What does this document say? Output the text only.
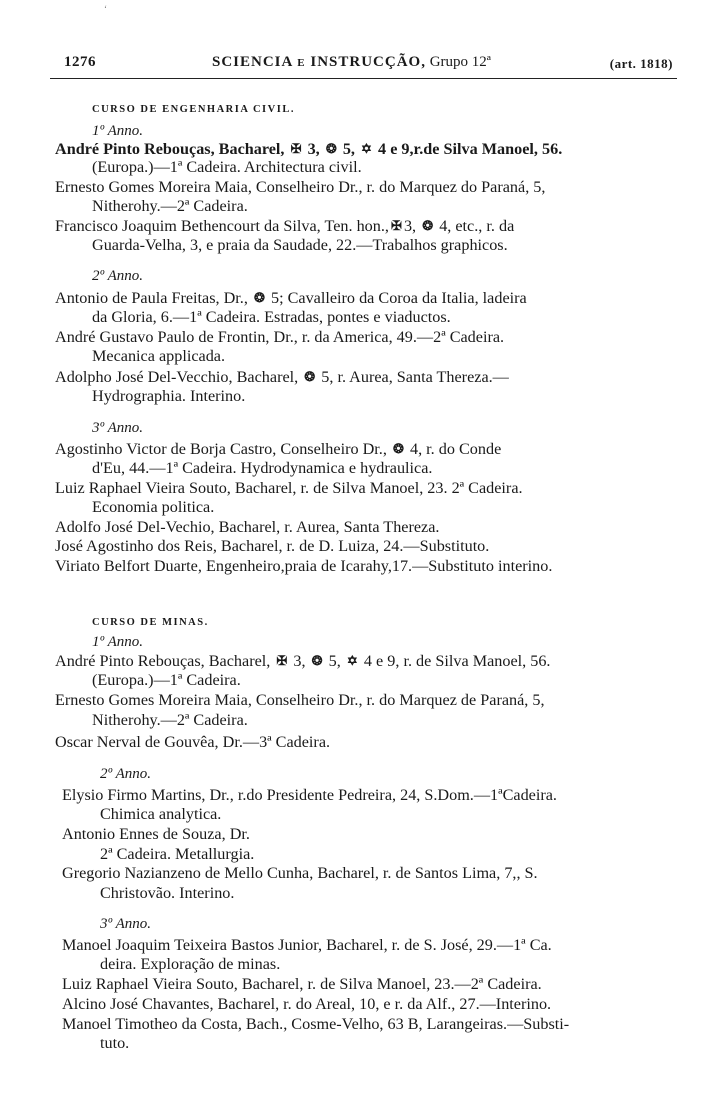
ʻ
1276	SCIENCIA e INSTRUCÇÃO, Grupo 12ª	(art. 1818)
CURSO DE ENGENHARIA CIVIL.
1º Anno.
André Pinto Rebouças, Bacharel, ✠ 3, ❂ 5, ✡ 4 e 9,r.de Silva Manoel, 56.
(Europa.)—1ª Cadeira. Architectura civil.
Ernesto Gomes Moreira Maia, Conselheiro Dr., r. do Marquez do Paraná, 5,
Nitherohy.—2ª Cadeira.
Francisco Joaquim Bethencourt da Silva, Ten. hon., ✠ 3, ❂ 4, etc., r. da
Guarda-Velha, 3, e praia da Saudade, 22.—Trabalhos graphicos.
2º Anno.
Antonio de Paula Freitas, Dr., ❂ 5; Cavalleiro da Coroa da Italia, ladeira
da Gloria, 6.—1ª Cadeira. Estradas, pontes e viaductos.
André Gustavo Paulo de Frontin, Dr., r. da America, 49.—2ª Cadeira.
Mecanica applicada.
Adolpho José Del-Vecchio, Bacharel, ❂ 5, r. Aurea, Santa Thereza.—
Hydrographia. Interino.
3º Anno.
Agostinho Victor de Borja Castro, Conselheiro Dr., ❂ 4, r. do Conde
d'Eu, 44.—1ª Cadeira. Hydrodynamica e hydraulica.
Luiz Raphael Vieira Souto, Bacharel, r. de Silva Manoel, 23. 2ª Cadeira.
Economia politica.
Adolfo José Del-Vechio, Bacharel, r. Aurea, Santa Thereza.
José Agostinho dos Reis, Bacharel, r. de D. Luiza, 24.—Substituto.
Viriato Belfort Duarte, Engenheiro,praia de Icarahy,17.—Substituto interino.
CURSO DE MINAS.
1º Anno.
André Pinto Rebouças, Bacharel, ✠ 3, ❂ 5, ✡ 4 e 9, r. de Silva Manoel, 56.
(Europa.)—1ª Cadeira.
Ernesto Gomes Moreira Maia, Conselheiro Dr., r. do Marquez de Paraná, 5,
Nitherohy.—2ª Cadeira.
Oscar Nerval de Gouvêa, Dr.—3ª Cadeira.
2º Anno.
Elysio Firmo Martins, Dr., r.do Presidente Pedreira, 24, S.Dom.—1ªCadeira.
Chimica analytica.
Antonio Ennes de Souza, Dr.
2ª Cadeira. Metallurgia.
Gregorio Nazianzeno de Mello Cunha, Bacharel, r. de Santos Lima, 7,, S.
Christovão. Interino.
3º Anno.
Manoel Joaquim Teixeira Bastos Junior, Bacharel, r. de S. José, 29.—1ª Ca.
deira. Exploração de minas.
Luiz Raphael Vieira Souto, Bacharel, r. de Silva Manoel, 23.—2ª Cadeira.
Alcino José Chavantes, Bacharel, r. do Areal, 10, e r. da Alf., 27.—Interino.
Manoel Timotheo da Costa, Bach., Cosme-Velho, 63 B, Larangeiras.—Substi-
tuto.
